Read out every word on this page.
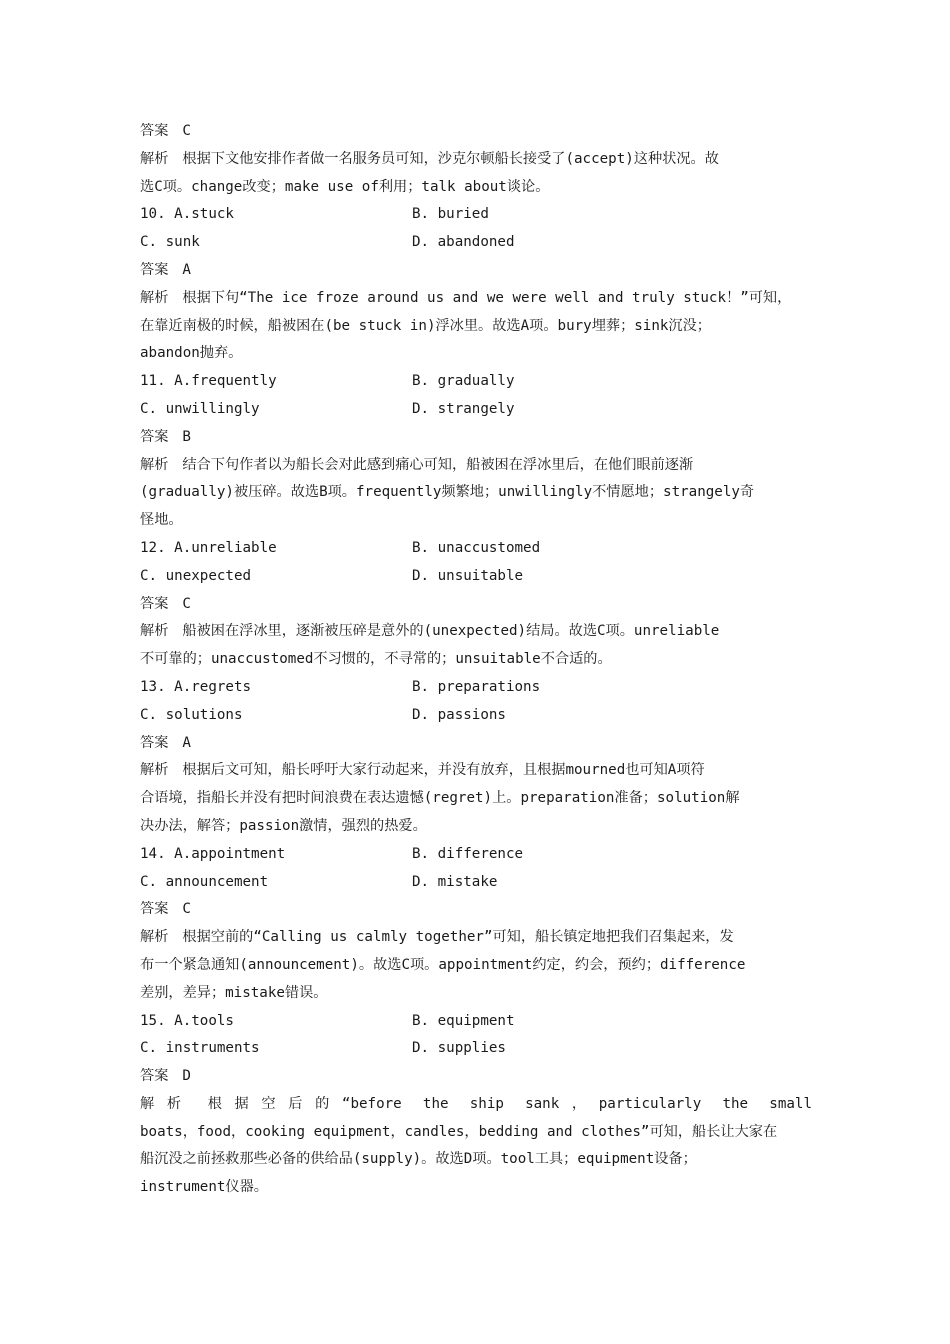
答案 C
解析 根据下文他安排作者做一名服务员可知，沙克尔顿船长接受了(accept)这种状况。故
选C项。change改变；make use of利用；talk about谈论。
10. A.stuck	B. buried
C. sunk	D. abandoned
答案 A
解析 根据下句“The ice froze around us and we were well and truly stuck！”可知，
在靠近南极的时候，船被困在(be stuck in)浮冰里。故选A项。bury埋葬；sink沉没；
abandon抛弃。
11. A.frequently	B. gradually
C. unwillingly	D. strangely
答案 B
解析 结合下句作者以为船长会对此感到痛心可知，船被困在浮冰里后，在他们眼前逐渐
(gradually)被压碎。故选B项。frequently频繁地；unwillingly不情愿地；strangely奇
怪地。
12. A.unreliable	B. unaccustomed
C. unexpected	D. unsuitable
答案 C
解析 船被困在浮冰里，逐渐被压碎是意外的(unexpected)结局。故选C项。unreliable
不可靠的；unaccustomed不习惯的，不寻常的；unsuitable不合适的。
13. A.regrets	B. preparations
C. solutions	D. passions
答案 A
解析 根据后文可知，船长呼吁大家行动起来，并没有放弃，且根据mourned也可知A项符
合语境，指船长并没有把时间浪费在表达遗憾(regret)上。preparation准备；solution解
决办法，解答；passion激情，强烈的热爱。
14. A.appointment	B. difference
C. announcement	D. mistake
答案 C
解析 根据空前的“Calling us calmly together”可知，船长镇定地把我们召集起来，发
布一个紧急通知(announcement)。故选C项。appointment约定，约会，预约；difference
差别，差异；mistake错误。
15. A.tools	B. equipment
C. instruments	D. supplies
答案 D
解析 根据空后的“before the ship sank，particularly the small
boats，food，cooking equipment，candles，bedding and clothes”可知，船长让大家在
船沉没之前拯救那些必备的供给品(supply)。故选D项。tool工具；equipment设备；
instrument仪器。
